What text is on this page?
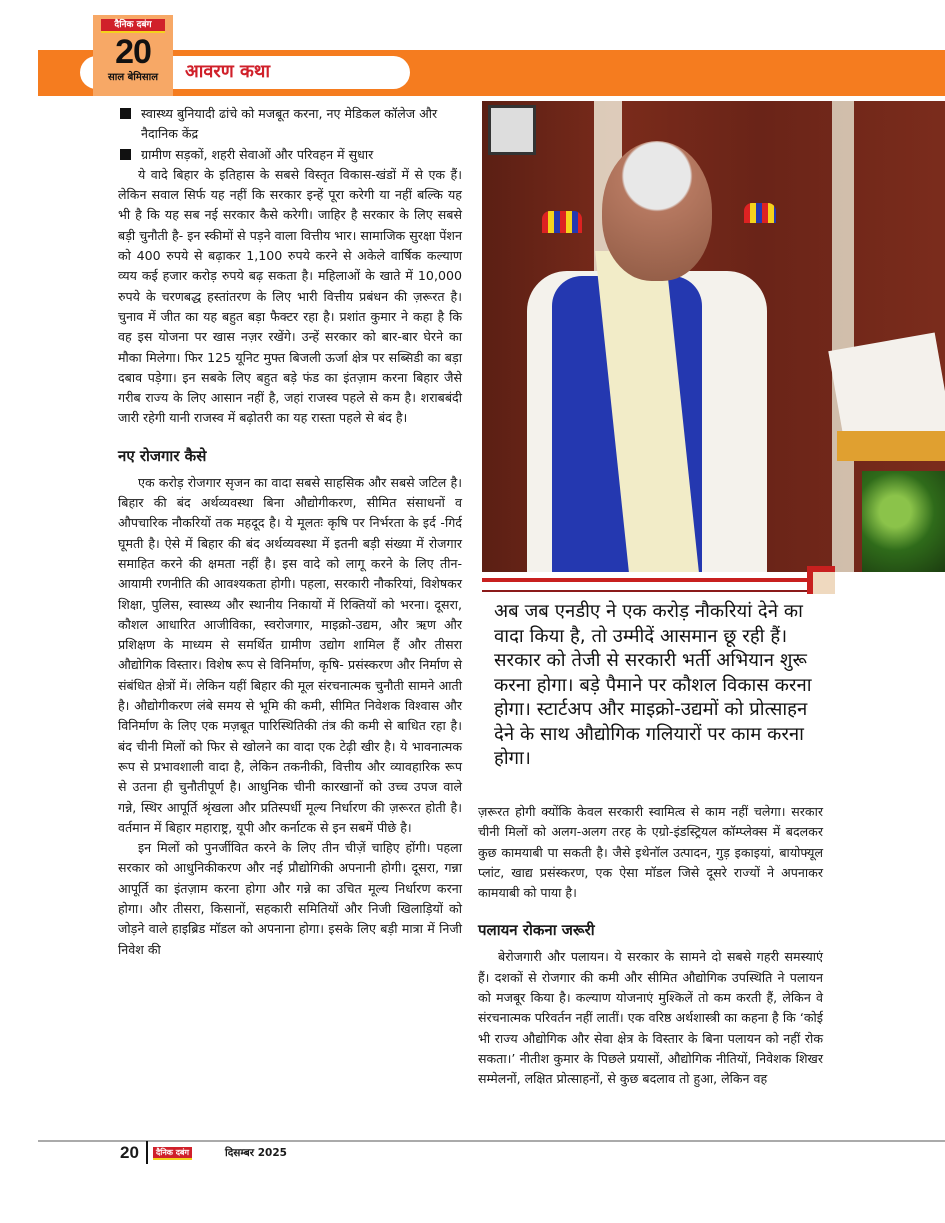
आवरण कथा
दैनिक दबंग
20
साल बेमिसाल
स्वास्थ्य बुनियादी ढांचे को मजबूत करना, नए मेडिकल कॉलेज और नैदानिक केंद्र
ग्रामीण सड़कों, शहरी सेवाओं और परिवहन में सुधार

ये वादे बिहार के इतिहास के सबसे विस्तृत विकास-खंडों में से एक हैं। लेकिन सवाल सिर्फ यह नहीं कि सरकार इन्हें पूरा करेगी या नहीं बल्कि यह भी है कि यह सब नई सरकार कैसे करेगी। जाहिर है सरकार के लिए सबसे बड़ी चुनौती है- इन स्कीमों से पड़ने वाला वित्तीय भार। सामाजिक सुरक्षा पेंशन को 400 रुपये से बढ़ाकर 1,100 रुपये करने से अकेले वार्षिक कल्याण व्यय कई हजार करोड़ रुपये बढ़ सकता है। महिलाओं के खाते में 10,000 रुपये के चरणबद्ध हस्तांतरण के लिए भारी वित्तीय प्रबंधन की ज़रूरत है। चुनाव में जीत का यह बहुत बड़ा फैक्टर रहा है। प्रशांत कुमार ने कहा है कि वह इस योजना पर खास नज़र रखेंगे। उन्हें सरकार को बार-बार घेरने का मौका मिलेगा। फिर 125 यूनिट मुफ्त बिजली ऊर्जा क्षेत्र पर सब्सिडी का बड़ा दबाव पड़ेगा। इन सबके लिए बहुत बड़े फंड का इंतज़ाम करना बिहार जैसे गरीब राज्य के लिए आसान नहीं है, जहां राजस्व पहले से कम है। शराबबंदी जारी रहेगी यानी राजस्व में बढ़ोतरी का यह रास्ता पहले से बंद है।

नए रोजगार कैसे

एक करोड़ रोजगार सृजन का वादा सबसे साहसिक और सबसे जटिल है। बिहार की बंद अर्थव्यवस्था बिना औद्योगीकरण, सीमित संसाधनों व औपचारिक नौकरियों तक महदूद है। ये मूलतः कृषि पर निर्भरता के इर्द -गिर्द घूमती है। ऐसे में बिहार की बंद अर्थव्यवस्था में इतनी बड़ी संख्या में रोजगार समाहित करने की क्षमता नहीं है। इस वादे को लागू करने के लिए तीन-आयामी रणनीति की आवश्यकता होगी। पहला, सरकारी नौकरियां, विशेषकर शिक्षा, पुलिस, स्वास्थ्य और स्थानीय निकायों में रिक्तियों को भरना। दूसरा, कौशल आधारित आजीविका, स्वरोजगार, माइक्रो-उद्यम, और ऋण और प्रशिक्षण के माध्यम से समर्थित ग्रामीण उद्योग शामिल हैं और तीसरा औद्योगिक विस्तार। विशेष रूप से विनिर्माण, कृषि- प्रसंस्करण और निर्माण से संबंधित क्षेत्रों में। लेकिन यहीं बिहार की मूल संरचनात्मक चुनौती सामने आती है। औद्योगीकरण लंबे समय से भूमि की कमी, सीमित निवेशक विश्वास और विनिर्माण के लिए एक मज़बूत पारिस्थितिकी तंत्र की कमी से बाधित रहा है। बंद चीनी मिलों को फिर से खोलने का वादा एक टेढ़ी खीर है। ये भावनात्मक रूप से प्रभावशाली वादा है, लेकिन तकनीकी, वित्तीय और व्यावहारिक रूप से उतना ही चुनौतीपूर्ण है। आधुनिक चीनी कारखानों को उच्च उपज वाले गन्ने, स्थिर आपूर्ति श्रृंखला और प्रतिस्पर्धी मूल्य निर्धारण की ज़रूरत होती है। वर्तमान में बिहार महाराष्ट्र, यूपी और कर्नाटक से इन सबमें पीछे है।

इन मिलों को पुनर्जीवित करने के लिए तीन चीज़ें चाहिए होंगी। पहला सरकार को आधुनिकीकरण और नई प्रौद्योगिकी अपनानी होगी। दूसरा, गन्ना आपूर्ति का इंतज़ाम करना होगा और गन्ने का उचित मूल्य निर्धारण करना होगा। और तीसरा, किसानों, सहकारी समितियों और निजी खिलाड़ियों को जोड़ने वाले हाइब्रिड मॉडल को अपनाना होगा। इसके लिए बड़ी मात्रा में निजी निवेश की

अब जब एनडीए ने एक करोड़ नौकरियां देने का वादा किया है, तो उम्मीदें आसमान छू रही हैं। सरकार को तेजी से सरकारी भर्ती अभियान शुरू करना होगा। बड़े पैमाने पर कौशल विकास करना होगा। स्टार्टअप और माइक्रो-उद्यमों को प्रोत्साहन देने के साथ औद्योगिक गलियारों पर काम करना होगा।

ज़रूरत होगी क्योंकि केवल सरकारी स्वामित्व से काम नहीं चलेगा। सरकार चीनी मिलों को अलग-अलग तरह के एग्रो-इंडस्ट्रियल कॉम्प्लेक्स में बदलकर कुछ कामयाबी पा सकती है। जैसे इथेनॉल उत्पादन, गुड़ इकाइयां, बायोफ्यूल प्लांट, खाद्य प्रसंस्करण, एक ऐसा मॉडल जिसे दूसरे राज्यों ने अपनाकर कामयाबी को पाया है।

पलायन रोकना जरूरी

बेरोजगारी और पलायन। ये सरकार के सामने दो सबसे गहरी समस्याएं हैं। दशकों से रोजगार की कमी और सीमित औद्योगिक उपस्थिति ने पलायन को मजबूर किया है। कल्याण योजनाएं मुश्किलें तो कम करती हैं, लेकिन वे संरचनात्मक परिवर्तन नहीं लातीं। एक वरिष्ठ अर्थशास्त्री का कहना है कि ‘कोई भी राज्य औद्योगिक और सेवा क्षेत्र के विस्तार के बिना पलायन को नहीं रोक सकता।’ नीतीश कुमार के पिछले प्रयासों, औद्योगिक नीतियों, निवेशक शिखर सम्मेलनों, लक्षित प्रोत्साहनों, से कुछ बदलाव तो हुआ, लेकिन वह

20	दैनिक दबंग	दिसम्बर 2025
